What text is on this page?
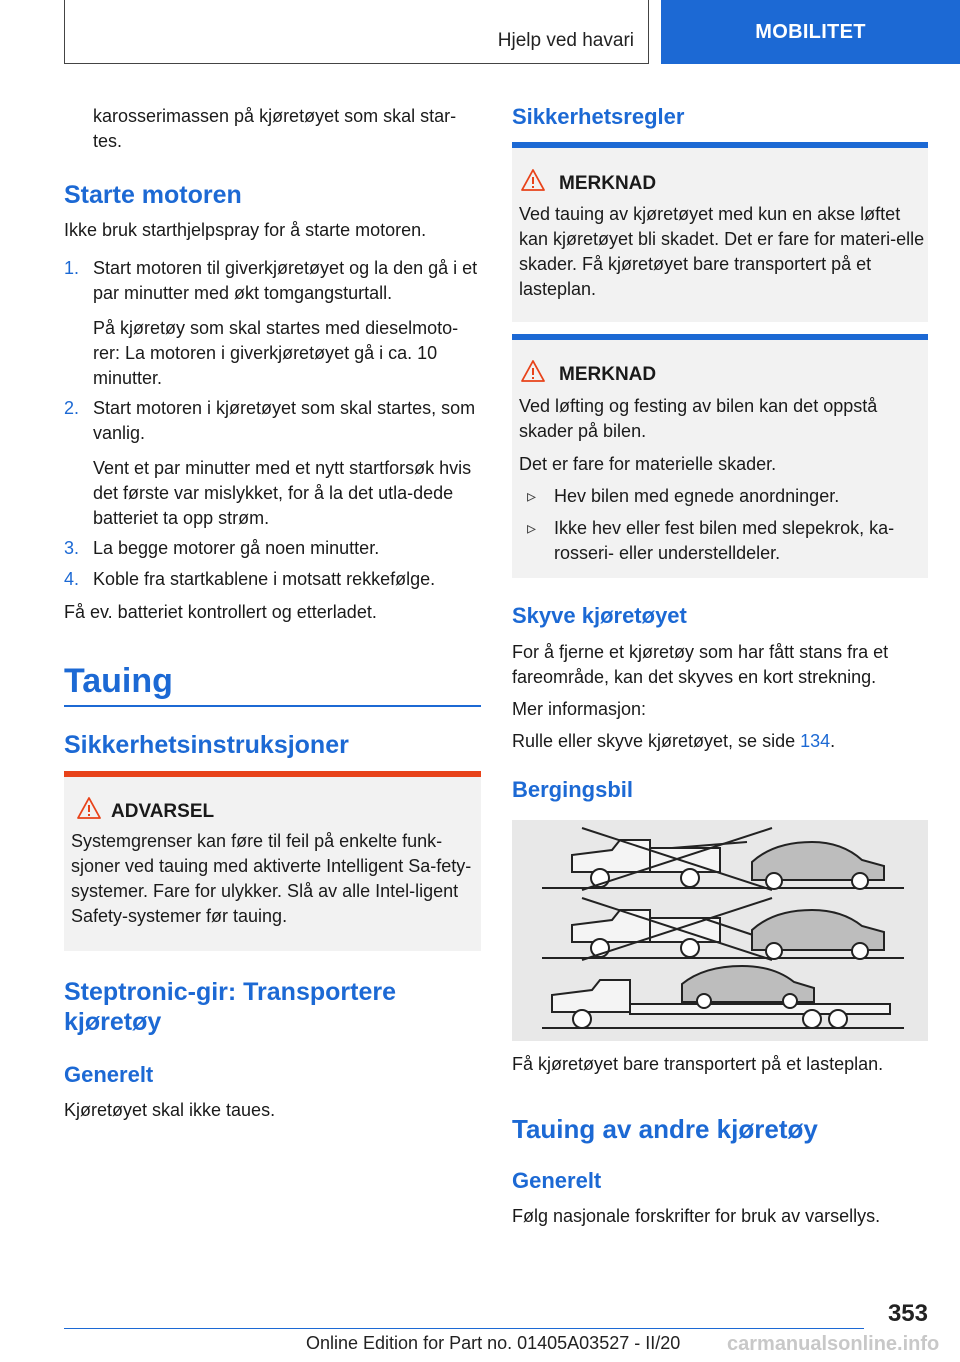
Hjelp ved havari	MOBILITET
karosserimassen på kjøretøyet som skal star-
tes.
Starte motoren
Ikke bruk starthjelpspray for å starte motoren.
1. Start motoren til giverkjøretøyet og la den gå i et par minutter med økt tomgangsturtall.
På kjøretøy som skal startes med dieselmoto-rer: La motoren i giverkjøretøyet gå i ca. 10 minutter.
2. Start motoren i kjøretøyet som skal startes, som vanlig.
Vent et par minutter med et nytt startforsøk hvis det første var mislykket, for å la det utla-dede batteriet ta opp strøm.
3. La begge motorer gå noen minutter.
4. Koble fra startkablene i motsatt rekkefølge.
Få ev. batteriet kontrollert og etterladet.
Tauing
Sikkerhetsinstruksjoner
ADVARSEL
Systemgrenser kan føre til feil på enkelte funk-sjoner ved tauing med aktiverte Intelligent Sa-fety-systemer. Fare for ulykker. Slå av alle Intel-ligent Safety-systemer før tauing.
Steptronic-gir: Transportere kjøretøy
Generelt
Kjøretøyet skal ikke taues.
Sikkerhetsregler
MERKNAD
Ved tauing av kjøretøyet med kun en akse løftet kan kjøretøyet bli skadet. Det er fare for materi-elle skader. Få kjøretøyet bare transportert på et lasteplan.
MERKNAD
Ved løfting og festing av bilen kan det oppstå skader på bilen.
Det er fare for materielle skader.
▹ Hev bilen med egnede anordninger.
▹ Ikke hev eller fest bilen med slepekrok, ka-rosseri- eller understelldeler.
Skyve kjøretøyet
For å fjerne et kjøretøy som har fått stans fra et fareområde, kan det skyves en kort strekning.
Mer informasjon:
Rulle eller skyve kjøretøyet, se side 134.
Bergingsbil
Få kjøretøyet bare transportert på et lasteplan.
Tauing av andre kjøretøy
Generelt
Følg nasjonale forskrifter for bruk av varsellys.
353
Online Edition for Part no. 01405A03527 - II/20 carmanualsonline.info
